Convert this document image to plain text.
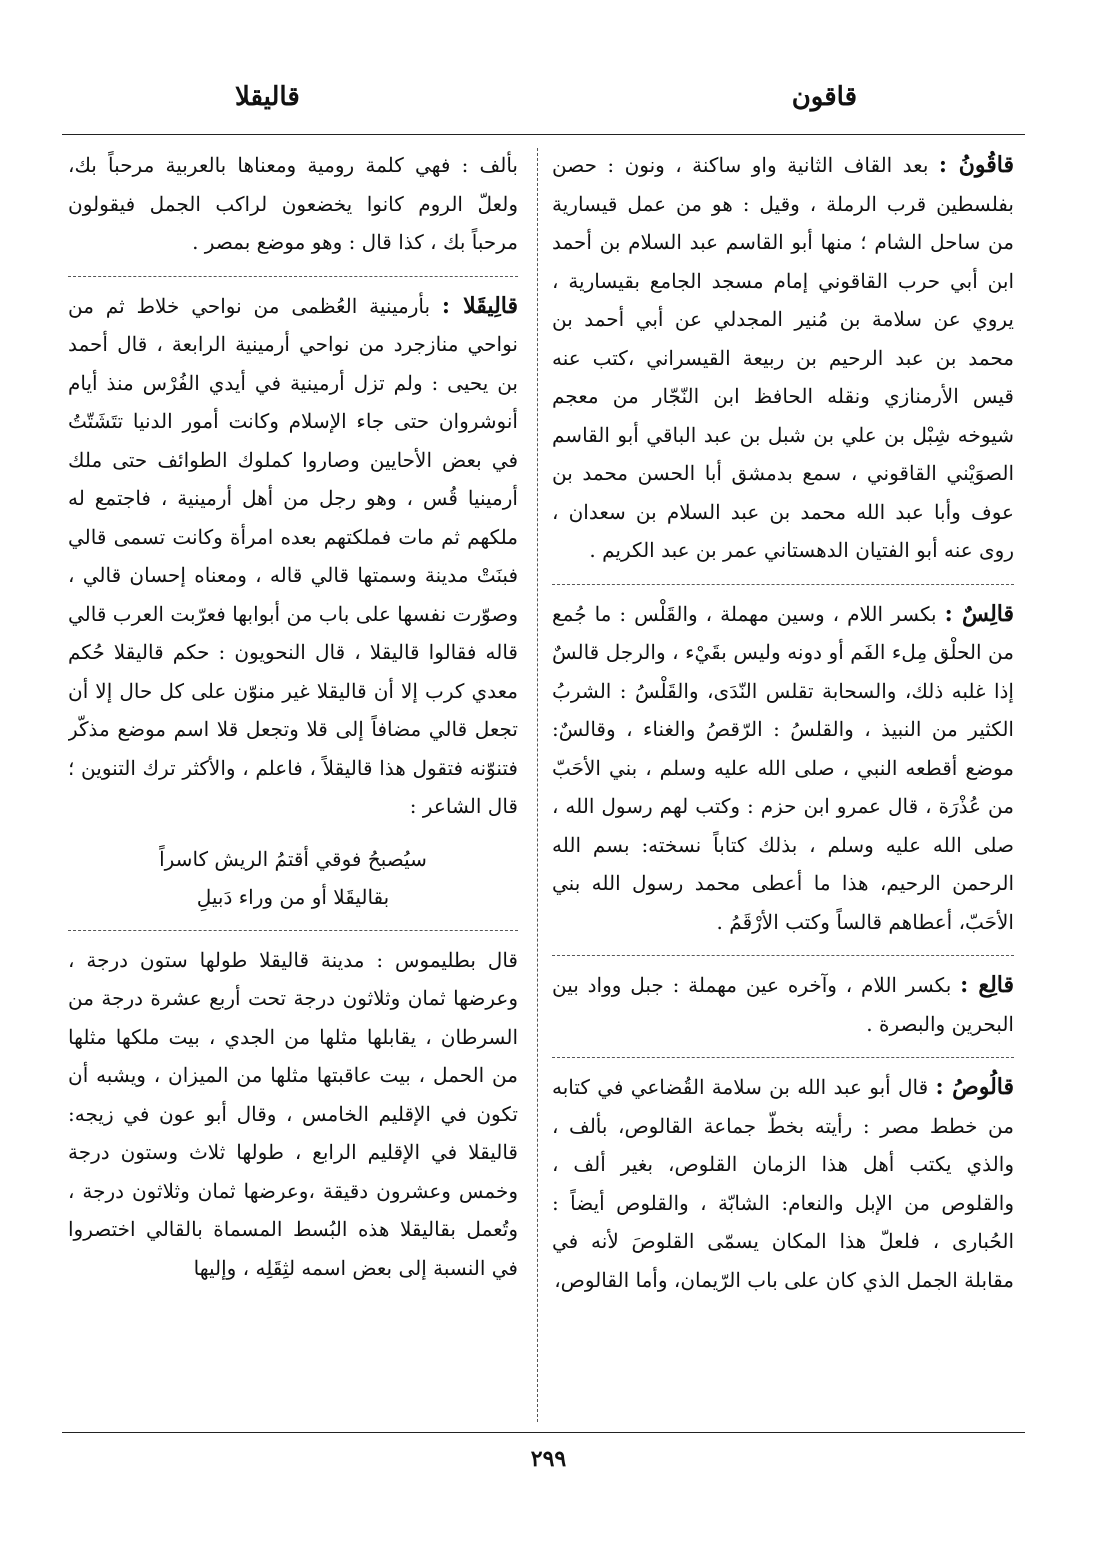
قاقون
قاليقلا

قاقُونُ : بعد القاف الثانية واو ساكنة ، ونون : حصن بفلسطين قرب الرملة ، وقيل : هو من عمل قيسارية من ساحل الشام ؛ منها أبو القاسم عبد السلام بن أحمد ابن أبي حرب القاقوني إمام مسجد الجامع بقيسارية ، يروي عن سلامة بن مُنير المجدلي عن أبي أحمد بن محمد بن عبد الرحيم بن ربيعة القيسراني ،كتب عنه قيس الأرمنازي ونقله الحافظ ابن النّجّار من معجم شيوخه شِبْل بن علي بن شبل بن عبد الباقي أبو القاسم الصوَيْني القاقوني ، سمع بدمشق أبا الحسن محمد بن عوف وأبا عبد الله محمد بن عبد السلام بن سعدان ، روى عنه أبو الفتيان الدهستاني عمر بن عبد الكريم .

قالِسٌ : بكسر اللام ، وسين مهملة ، والقَلْس : ما جُمع من الحلْق مِلء الفَم أو دونه وليس بقَيْء ، والرجل قالسٌ إذا غلبه ذلك، والسحابة تقلس النّدَى، والقَلْسُ : الشربُ الكثير من النبيذ ، والقلسُ : الرّقصُ والغناء ، وقالسٌ: موضع أقطعه النبي ، صلى الله عليه وسلم ، بني الأحَبّ من عُذْرَة ، قال عمرو ابن حزم : وكتب لهم رسول الله ، صلى الله عليه وسلم ، بذلك كتاباً نسخته: بسم الله الرحمن الرحيم، هذا ما أعطى محمد رسول الله بني الأحَبّ، أعطاهم قالساً وكتب الأرْقَمُ .

قالِع : بكسر اللام ، وآخره عين مهملة : جبل وواد بين البحرين والبصرة .

قالُوصُ : قال أبو عبد الله بن سلامة القُضاعي في كتابه من خطط مصر : رأيته بخطّ جماعة القالوص، بألف ، والذي يكتب أهل هذا الزمان القلوص، بغير ألف ، والقلوص من الإبل والنعام: الشابّة ، والقلوص أيضاً : الحُبارى ، فلعلّ هذا المكان يسمّى القلوصَ لأنه في مقابلة الجمل الذي كان على باب الرّيمان، وأما القالوص،

بألف : فهي كلمة رومية ومعناها بالعربية مرحباً بك، ولعلّ الروم كانوا يخضعون لراكب الجمل فيقولون مرحباً بك ، كذا قال : وهو موضع بمصر .

قالِيقَلا : بأرمينية العُظمى من نواحي خلاط ثم من نواحي منازجرد من نواحي أرمينية الرابعة ، قال أحمد بن يحيى : ولم تزل أرمينية في أيدي الفُرْس منذ أيام أنوشروان حتى جاء الإسلام وكانت أمور الدنيا تتَشَتّتُ في بعض الأحايين وصاروا كملوك الطوائف حتى ملك أرمينيا قُس ، وهو رجل من أهل أرمينية ، فاجتمع له ملكهم ثم مات فملكتهم بعده امرأة وكانت تسمى قالي فبنَتْ مدينة وسمتها قالي قاله ، ومعناه إحسان قالي ، وصوّرت نفسها على باب من أبوابها فعرّبت العرب قالي قاله فقالوا قاليقلا ، قال النحويون : حكم قاليقلا حُكم معدي كرب إلا أن قاليقلا غير منوّن على كل حال إلا أن تجعل قالي مضافاً إلى قلا وتجعل قلا اسم موضع مذكّر فتنوّنه فتقول هذا قاليقلاً ، فاعلم ، والأكثر ترك التنوين ؛ قال الشاعر :

سيُصبحُ فوقي أقتمُ الريش كاسراً
بقاليقَلا أو من وراء دَبيلِ

قال بطليموس : مدينة قاليقلا طولها ستون درجة ، وعرضها ثمان وثلاثون درجة تحت أربع عشرة درجة من السرطان ، يقابلها مثلها من الجدي ، بيت ملكها مثلها من الحمل ، بيت عاقبتها مثلها من الميزان ، ويشبه أن تكون في الإقليم الخامس ، وقال أبو عون في زيجه: قاليقلا في الإقليم الرابع ، طولها ثلاث وستون درجة وخمس وعشرون دقيقة ،وعرضها ثمان وثلاثون درجة ، وتُعمل بقاليقلا هذه البُسط المسماة بالقالي اختصروا في النسبة إلى بعض اسمه لثِقَلِه ، وإليها

٢٩٩
